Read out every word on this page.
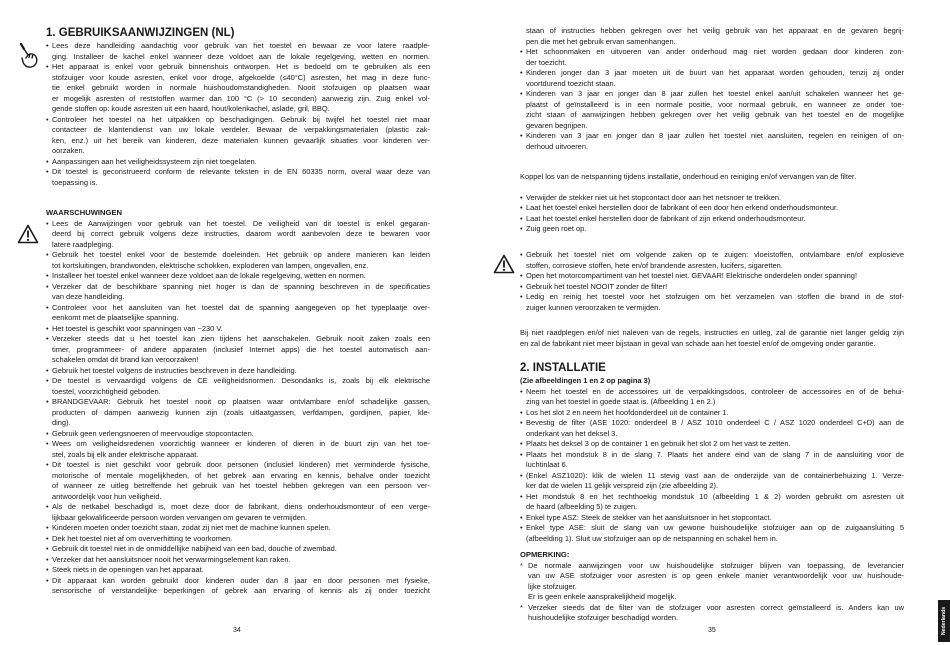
1. GEBRUIKSAANWIJZINGEN (NL)

• Lees deze handleiding aandachtig voor gebruik van het toestel en bewaar ze voor latere raadple-

ging. Installeer de kachel enkel wanneer deze voldoet aan de lokale regelgeving, wetten en normen.

• Het apparaat is enkel voor gebruik binnenshuis ontworpen. Het is bedoeld om te gebruiken als een

stofzuiger voor koude asresten, enkel voor droge, afgekoelde (≤40°C) asresten, het mag in deze func-

tie enkel gebruikt worden in normale huishoudomstandigheden. Nooit stofzuigen op plaatsen waar

er mogelijk asresten of reststoffen warmer dan 100 °C (> 10 seconden) aanwezig zijn. Zuig enkel vol-

gende stoffen op: koude asresten uit een haard, hout/kolenkachel, aslade, gril, BBQ.

• Controleer het toestel na het uitpakken op beschadigingen. Gebruik bij twijfel het toestel niet maar

contacteer de klantendienst van uw lokale verdeler. Bewaar de verpakkingsmaterialen (plastic zak-

ken, enz.) uit het bereik van kinderen, deze materialen kunnen gevaarlijk situaties voor kinderen ver-

oorzaken.

• Aanpassingen aan het veiligheidssysteem zijn niet toegelaten.

• Dit toestel is geconstrueerd conform de relevante teksten in de EN 60335 norm, overal waar deze van

toepassing is.

WAARSCHUWINGEN

• Lees de Aanwijzingen voor gebruik van het toestel. De veiligheid van dit toestel is enkel gegaran-

deerd bij correct gebruik volgens deze instructies, daarom wordt aanbevolen deze te bewaren voor

latere raadpleging.

• Gebruik het toestel enkel voor de bestemde doeleinden. Het gebruik op andere manieren kan leiden

tot kortsluitingen, brandwonden, elektrische schokken, exploderen van lampen, ongevallen, enz.

• Installeer het toestel enkel wanneer deze voldoet aan de lokale regelgeving, wetten en normen.

• Verzeker dat de beschikbare spanning niet hoger is dan de spanning beschreven in de specificaties

van deze handleiding.

• Controleer voor het aansluiten van het toestel dat de spanning aangegeven op het typeplaatje over-

eenkomt met de plaatselijke spanning.

• Het toestel is geschikt voor spanningen van ~230 V.

• Verzeker steeds dat u het toestel kan zien tijdens het aanschakelen. Gebruik nooit zaken zoals een

timer, programmeer- of andere apparaten (inclusief Internet apps) die het toestel automatisch aan-

schakelen omdat dit brand kan veroorzaken!

• Gebruik het toestel volgens de instructies beschreven in deze handleiding.

• De toestel is vervaardigd volgens de CE veiligheidsnormen. Desondanks is, zoals bij elk elektrische

toestel, voorzichtigheid geboden.

• BRANDGEVAAR: Gebruik het toestel nooit op plaatsen waar ontvlambare en/of schadelijke gassen,

producten of dampen aanwezig kunnen zijn (zoals uitlaatgassen, verfdampen, gordijnen, papier, kle-

ding).

• Gebruik geen verlengsnoeren of meervoudige stopcontacten.

• Wees om veiligheidsredenen voorzichtig wanneer er kinderen of dieren in de buurt zijn van het toe-

stel, zoals bij elk ander elektrische apparaat.

• Dit toestel is niet geschikt voor gebruik door personen (inclusief kinderen) met verminderde fysische,

motorische of mentale mogelijkheden, of het gebrek aan ervaring en kennis, behalve onder toezicht

of wanneer ze uitleg betreffende het gebruik van het toestel hebben gekregen van een persoon ver-

antwoordelijk voor hun veiligheid.

• Als de netkabel beschadigd is, moet deze door de fabrikant, diens onderhoudsmonteur of een verge-

lijkbaar gekwalificeerde persoon worden vervangen om gevaren te vermijden.

• Kinderen moeten onder toezicht staan, zodat zij niet met de machine kunnen spelen.

• Dek het toestel niet af om oververhitting te voorkomen.

• Gebruik dit toestel niet in de onmiddellijke nabijheid van een bad, douche of zwembad.

• Verzeker dat het aansluitsnoer nooit het verwarmingselement kan raken.

• Steek niets in de openingen van het apparaat.

• Dit apparaat kan worden gebruikt door kinderen ouder dan 8 jaar en door personen met fysieke,

sensorische of verstandelijke beperkingen of gebrek aan ervaring of kennis als zij onder toezicht

34

staan of instructies hebben gekregen over het veilig gebruik van het apparaat en de gevaren begrij-

pen die met het gebruik ervan samenhangen.

• Het schoonmaken en uitvoeren van ander onderhoud mag niet worden gedaan door kinderen zon-

der toezicht.

• Kinderen jonger dan 3 jaar moeten uit de buurt van het apparaat worden gehouden, tenzij zij onder

voortdurend toezicht staan.

• Kinderen van 3 jaar en jonger dan 8 jaar zullen het toestel enkel aan/uit schakelen wanneer het ge-

plaatst of geïnstalleerd is in een normale positie, voor normaal gebruik, en wanneer ze onder toe-

zicht staan of aanwijzingen hebben gekregen over het veilig gebruik van het toestel en de mogelijke

gevaren begrijpen.

• Kinderen van 3 jaar en jonger dan 8 jaar zullen het toestel niet aansluiten, regelen en reinigen of on-

derhoud uitvoeren.

Koppel los van de netspanning tijdens installatie, onderhoud en reiniging en/of vervangen van de filter.

• Verwijder de stekker niet uit het stopcontact door aan het netsnoer te trekken.

• Laat het toestel enkel herstellen door de fabrikant of een door hen erkend onderhoudsmonteur.

• Laat het toestel enkel herstellen door de fabrikant of zijn erkend onderhoudsmonteur.

• Zuig geen roet op.

• Gebruik het toestel niet om volgende zaken op te zuigen: vloeistoffen, ontvlambare en/of explosieve

stoffen, corrosieve stoffen, hete en/of brandende asresten, lucifers, sigaretten.

• Open het motorcompartiment van het toestel niet. GEVAAR! Elektrische onderdelen onder spanning!

• Gebruik het toestel NOOIT zonder de filter!

• Ledig en reinig het toestel voor het stofzuigen om het verzamelen van stoffen die brand in de stof-

zuiger kunnen veroorzaken te vermijden.

Bij niet raadplegen en/of niet naleven van de regels, instructies en uitleg, zal de garantie niet langer geldig zijn

en zal de fabrikant niet meer bijstaan in geval van schade aan het toestel en/of de omgeving onder garantie.

2. INSTALLATIE

(Zie afbeeldingen 1 en 2 op pagina 3)

• Neem het toestel en de accessoires uit de verpakkingsdoos, controleer de accessoires en of de behui-

zing van het toestel in goede staat is. (Afbeelding 1 en 2.)

• Los het slot 2 en neem het hoofdonderdeel uit de container 1.

• Bevestig de filter (ASE 1020: onderdeel B / ASZ 1010 onderdeel C / ASZ 1020 onderdeel C+D) aan de

onderkant van het deksel 3.

• Plaats het deksel 3 op de container 1 en gebruik het slot 2 om het vast te zetten.

• Plaats het mondstuk 8 in de slang 7. Plaats het andere eind van de slang 7 in de aansluiting voor de

luchtinlaat 6.

• (Enkel ASZ1020): klik de wielen 11 stevig vast aan de onderzijde van de containerbehuizing 1. Verze-

ker dat de wielen 11 gelijk verspreid zijn (zie afbeelding 2).

• Het mondstuk 8 en het rechthoekig mondstuk 10 (afbeelding 1 & 2) worden gebruikt om asresten uit

de haard (afbeelding 5) te zuigen.

• Enkel type ASZ: Steek de stekker van het aansluitsnoer in het stopcontact.

• Enkel type ASE: sluit de slang van uw gewone huishoudelijke stofzuiger aan op de zuigaansluiting 5

(afbeelding 1). Sluit uw stofzuiger aan op de netspanning en schakel hem in.

OPMERKING:

* De normale aanwijzingen voor uw huishoudelijke stofzuiger blijven van toepassing, de leverancier

van uw ASE stofzuiger voor asresten is op geen enkele manier verantwoordelijk voor uw huishoude-

lijke stofzuiger.

Er is geen enkele aansprakelijkheid mogelijk.

* Verzeker steeds dat de filter van de stofzuiger voor asresten correct geïnstalleerd is. Anders kan uw

huishoudelijke stofzuiger beschadigd worden.

35	Nederlands
